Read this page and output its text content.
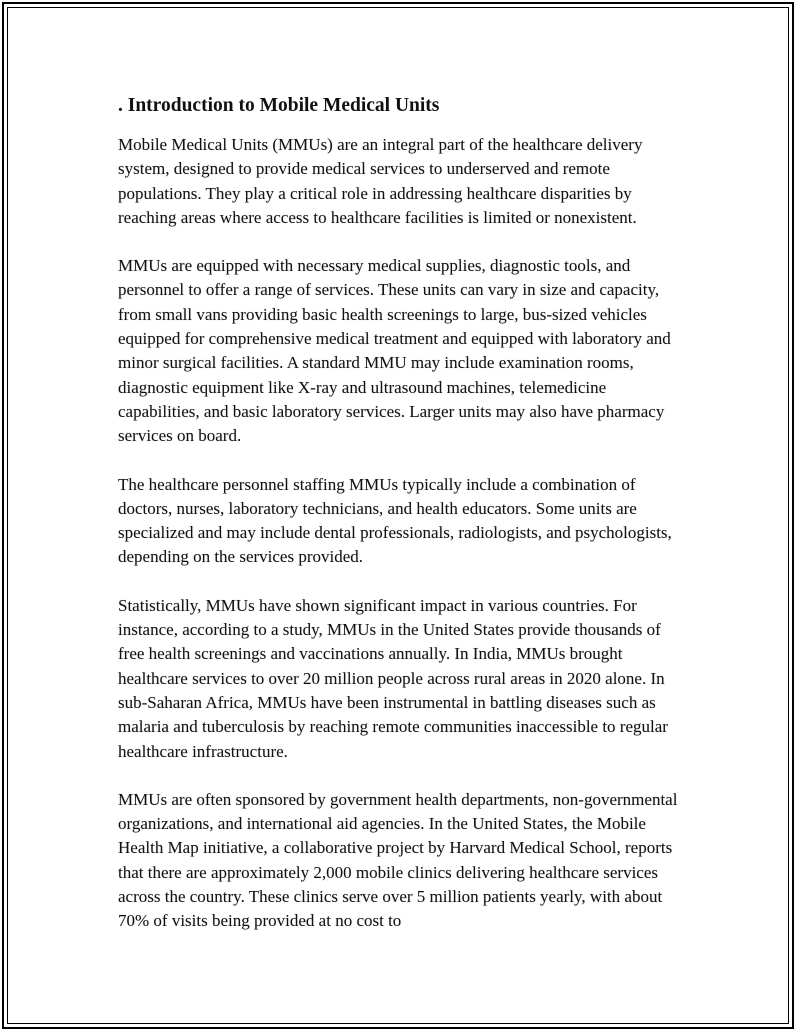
. Introduction to Mobile Medical Units

Mobile Medical Units (MMUs) are an integral part of the healthcare delivery system, designed to provide medical services to underserved and remote populations. They play a critical role in addressing healthcare disparities by reaching areas where access to healthcare facilities is limited or nonexistent.

MMUs are equipped with necessary medical supplies, diagnostic tools, and personnel to offer a range of services. These units can vary in size and capacity, from small vans providing basic health screenings to large, bus-sized vehicles equipped for comprehensive medical treatment and equipped with laboratory and minor surgical facilities. A standard MMU may include examination rooms, diagnostic equipment like X-ray and ultrasound machines, telemedicine capabilities, and basic laboratory services. Larger units may also have pharmacy services on board.

The healthcare personnel staffing MMUs typically include a combination of doctors, nurses, laboratory technicians, and health educators. Some units are specialized and may include dental professionals, radiologists, and psychologists, depending on the services provided.

Statistically, MMUs have shown significant impact in various countries. For instance, according to a study, MMUs in the United States provide thousands of free health screenings and vaccinations annually. In India, MMUs brought healthcare services to over 20 million people across rural areas in 2020 alone. In sub-Saharan Africa, MMUs have been instrumental in battling diseases such as malaria and tuberculosis by reaching remote communities inaccessible to regular healthcare infrastructure.

MMUs are often sponsored by government health departments, non-governmental organizations, and international aid agencies. In the United States, the Mobile Health Map initiative, a collaborative project by Harvard Medical School, reports that there are approximately 2,000 mobile clinics delivering healthcare services across the country. These clinics serve over 5 million patients yearly, with about 70% of visits being provided at no cost to
